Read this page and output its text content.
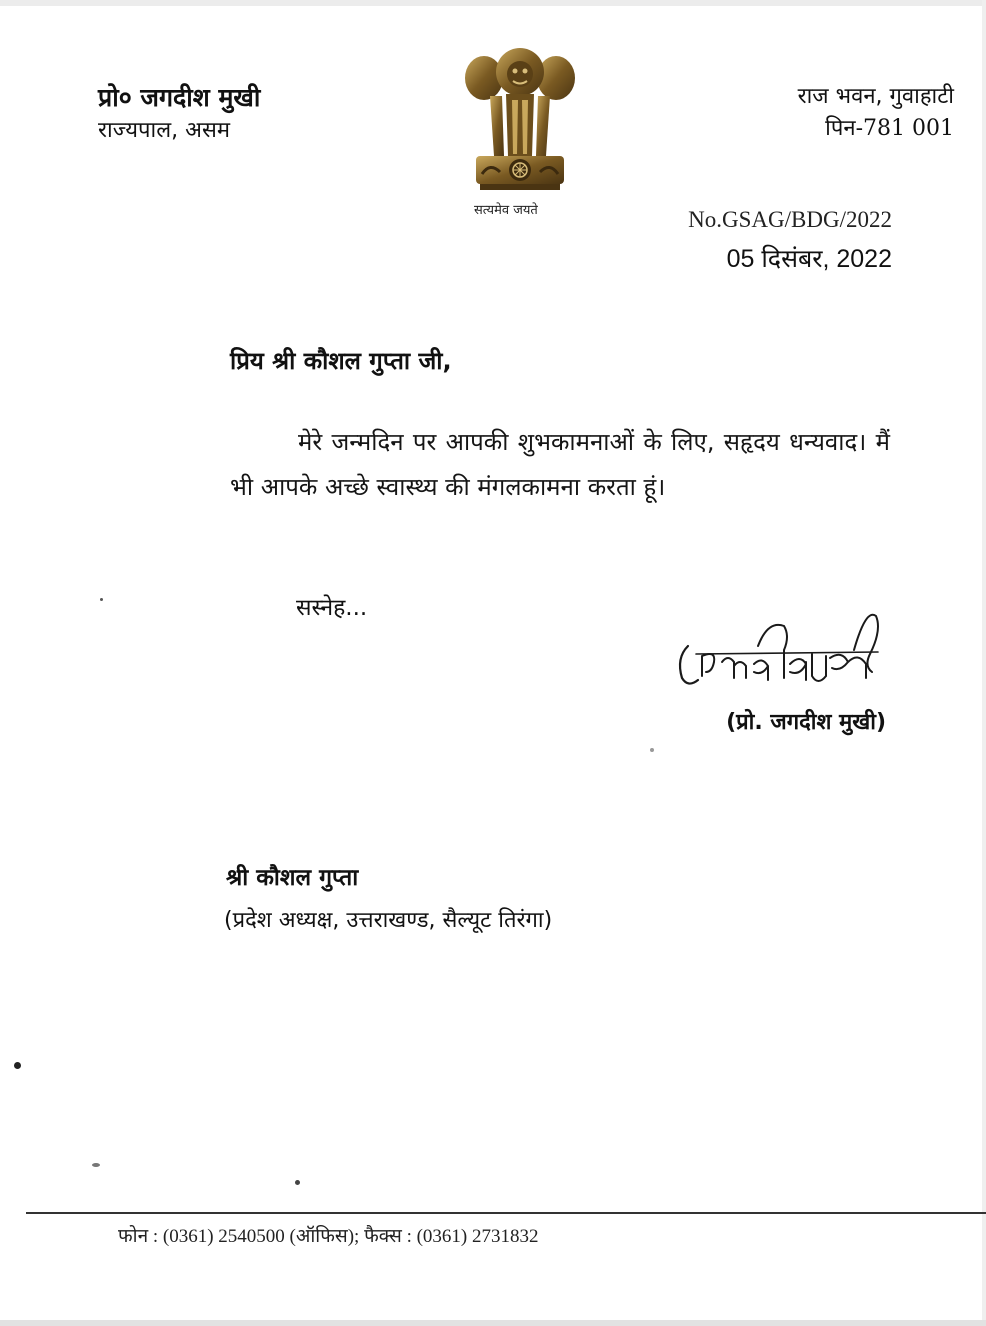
प्रो० जगदीश मुखी
राज्यपाल, असम
राज भवन, गुवाहाटी
पिन-781 001
सत्यमेव जयते	No.GSAG/BDG/2022
05 दिसंबर, 2022
प्रिय श्री कौशल गुप्ता जी,
मेरे जन्मदिन पर आपकी शुभकामनाओं के लिए, सहृदय धन्यवाद। मैं भी आपके अच्छे स्वास्थ्य की मंगलकामना करता हूं।
सस्नेह...
(प्रो. जगदीश मुखी)
श्री कौशल गुप्ता
(प्रदेश अध्यक्ष, उत्तराखण्ड, सैल्यूट तिरंगा)
फोन : (0361) 2540500 (ऑफिस); फैक्स : (0361) 2731832
